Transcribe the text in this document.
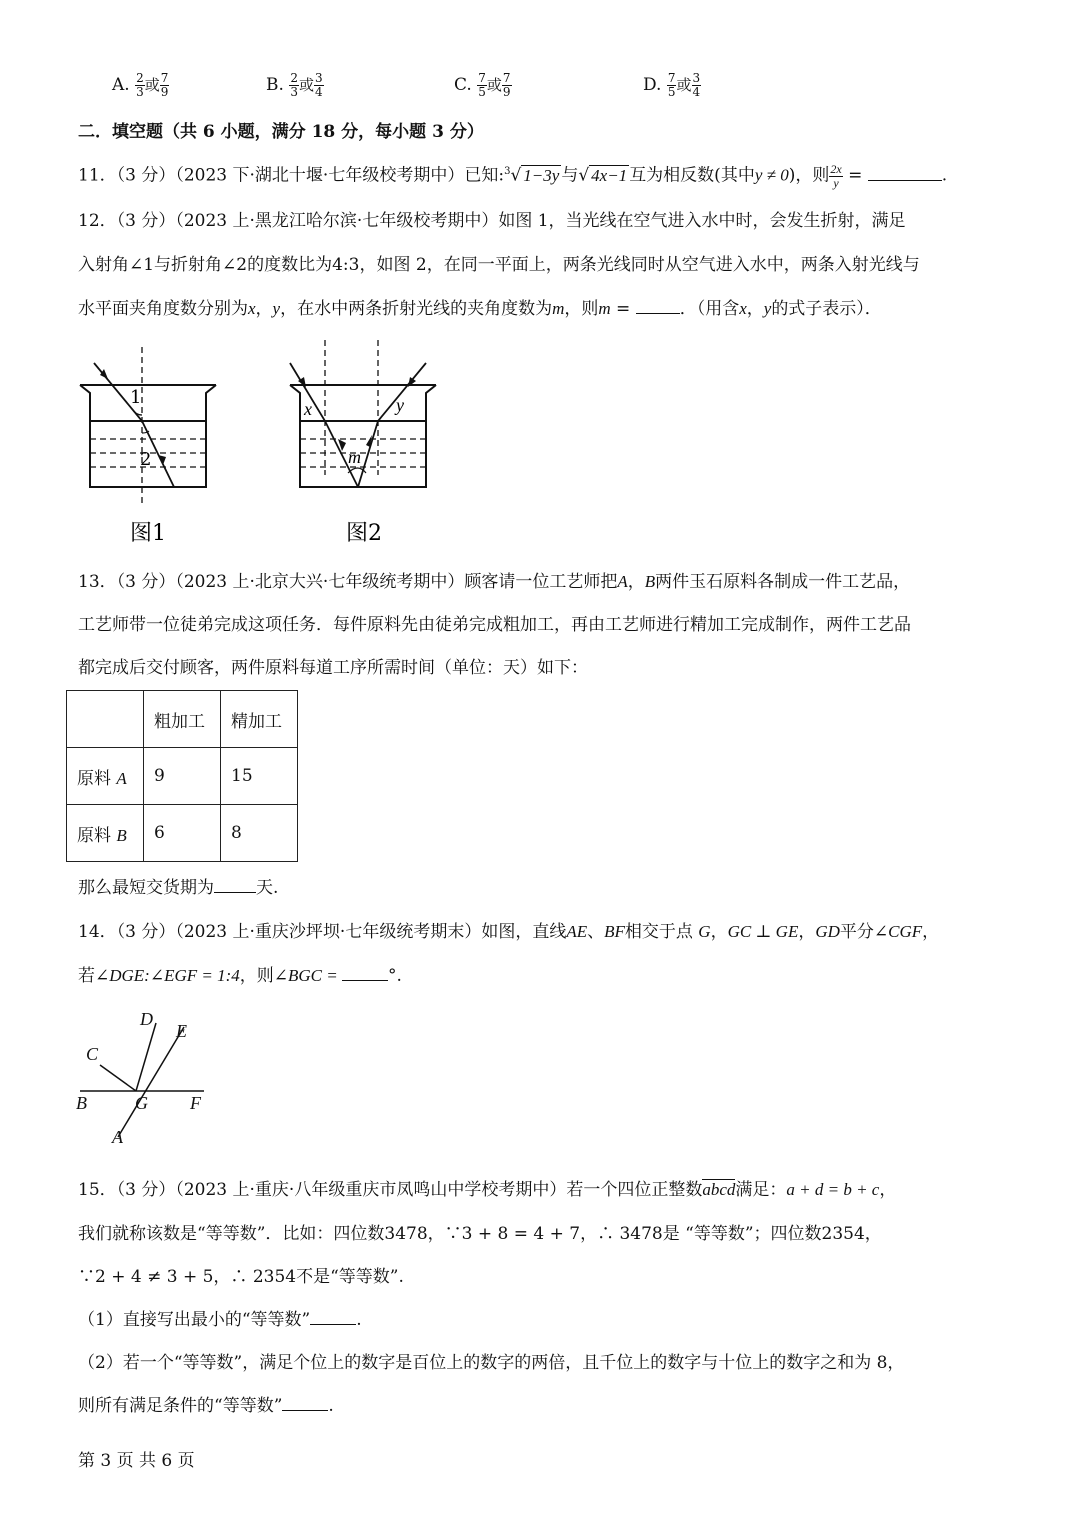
A. $\frac{2}{3}$ 或 $\frac{7}{9}$	B. $\frac{2}{3}$ 或 $\frac{3}{4}$	C. $\frac{7}{5}$ 或 $\frac{7}{9}$	D. $\frac{7}{5}$ 或 $\frac{3}{4}$
二．填空题（共 6 小题，满分 18 分，每小题 3 分）
11．（3 分）（2023 下·湖北十堰·七年级校考期中）已知:$^3$√ 1−3y 与√ 4x−1 互为相反数(其中y ≠ 0)，则 $\frac{2x}{y}$ =	.
12．（3 分）（2023 上·黑龙江哈尔滨·七年级校考期中）如图 1，当光线在空气进入水中时，会发生折射，满足
入射角∠1与折射角∠2的度数比为4:3，如图 2，在同一平面上，两条光线同时从空气进入水中，两条入射光线与
水平面夹角度数分别为x，y，在水中两条折射光线的夹角度数为m，则m =	．（用含x，y的式子表示）．
1
2
图1
x	y
m
图2
13．（3 分）（2023 上·北京大兴·七年级统考期中）顾客请一位工艺师把A，B两件玉石原料各制成一件工艺品，
工艺师带一位徒弟完成这项任务．每件原料先由徒弟完成粗加工，再由工艺师进行精加工完成制作，两件工艺品
都完成后交付顾客，两件原料每道工序所需时间（单位：天）如下：
	粗加工	精加工
原料 A	9	15
原料 B	6	8
那么最短交货期为 天.
14．（3 分）（2023 上·重庆沙坪坝·七年级统考期末）如图，直线AE、BF相交于点 G，GC ⊥ GE，GD平分∠CGF，
若∠DGE:∠EGF = 1:4，则∠BGC =	°.
D
E
C
B	G F
A
15．（3 分）（2023 上·重庆·八年级重庆市凤鸣山中学校考期中）若一个四位正整数abcd满足：a + d = b + c，
我们就称该数是“等等数”．比如：四位数3478，∵3 + 8 = 4 + 7，∴ 3478是 “等等数”；四位数2354，
∵2 + 4 ≠ 3 + 5，∴ 2354不是“等等数”.
（1）直接写出最小的“等等数”	.
（2）若一个“等等数”，满足个位上的数字是百位上的数字的两倍，且千位上的数字与十位上的数字之和为 8，
则所有满足条件的“等等数”	.
第 3 页 共 6 页
